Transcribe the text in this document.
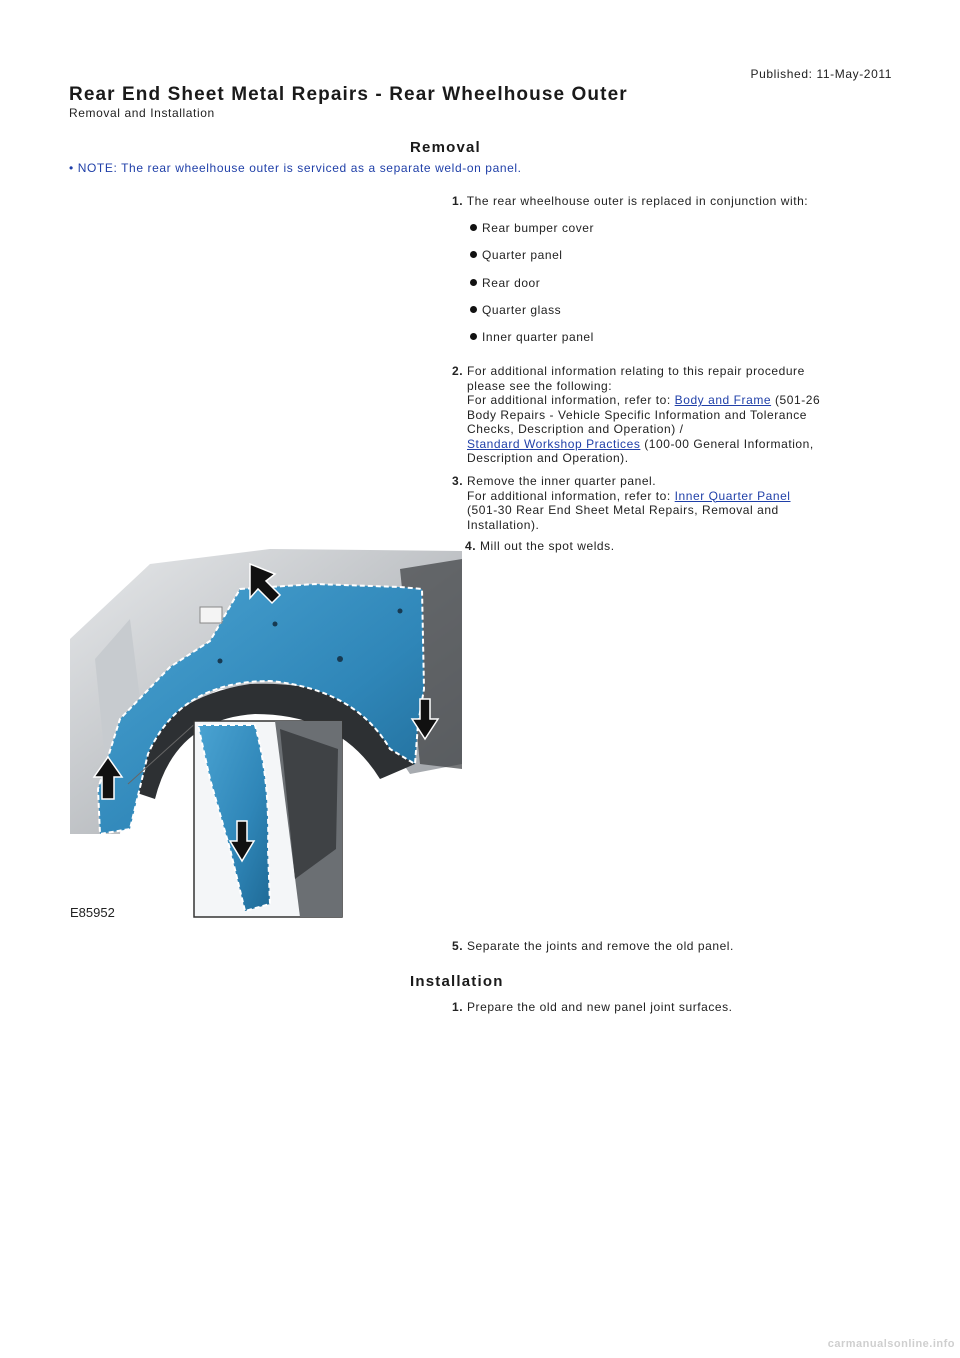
Published: 11-May-2011
Rear End Sheet Metal Repairs - Rear Wheelhouse Outer
Removal and Installation
Removal
• NOTE: The rear wheelhouse outer is serviced as a separate weld-on panel.
1. The rear wheelhouse outer is replaced in conjunction with:
Rear bumper cover
Quarter panel
Rear door
Quarter glass
Inner quarter panel
2. For additional information relating to this repair procedure
please see the following:
For additional information, refer to: Body and Frame (501-26
Body Repairs - Vehicle Specific Information and Tolerance
Checks, Description and Operation) /
Standard Workshop Practices (100-00 General Information,
Description and Operation).
3. Remove the inner quarter panel.
For additional information, refer to: Inner Quarter Panel
(501-30 Rear End Sheet Metal Repairs, Removal and
Installation).
4. Mill out the spot welds.
E85952
5. Separate the joints and remove the old panel.
Installation
1. Prepare the old and new panel joint surfaces.
carmanualsonline.info
